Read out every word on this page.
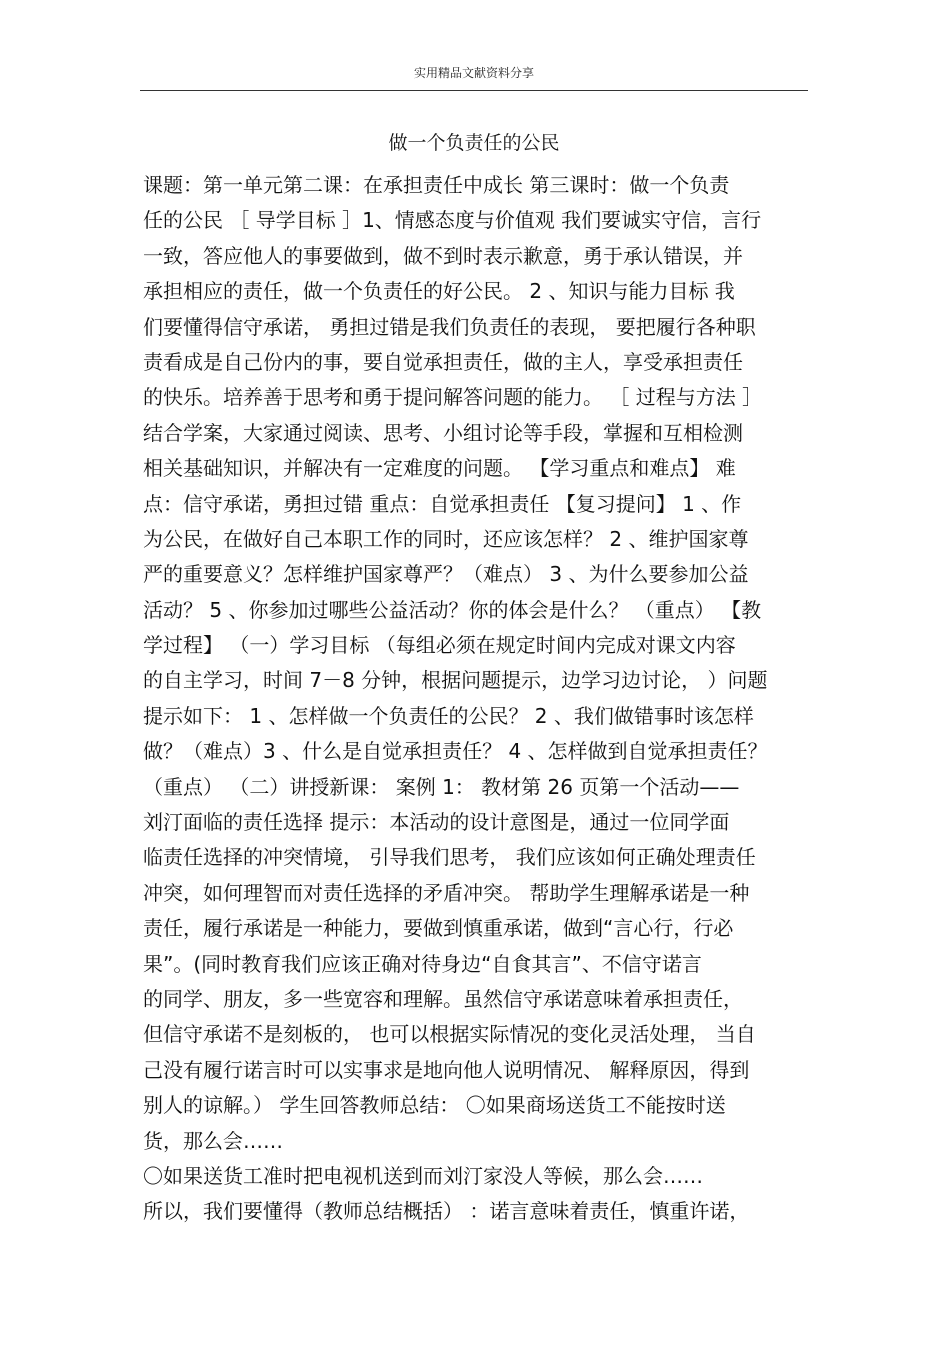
实用精品文献资料分享
做一个负责任的公民
课题：第一单元第二课：在承担责任中成长 第三课时：做一个负责
任的公民 ［ 导学目标 ］1、情感态度与价值观 我们要诚实守信，言行
一致，答应他人的事要做到，做不到时表示歉意，勇于承认错误，并
承担相应的责任，做一个负责任的好公民。 2 、知识与能力目标 我
们要懂得信守承诺， 勇担过错是我们负责任的表现， 要把履行各种职
责看成是自己份内的事，要自觉承担责任，做的主人，享受承担责任
的快乐。培养善于思考和勇于提问解答问题的能力。 ［ 过程与方法 ］
结合学案，大家通过阅读、思考、小组讨论等手段，掌握和互相检测
相关基础知识，并解决有一定难度的问题。 【学习重点和难点】 难
点：信守承诺，勇担过错 重点：自觉承担责任 【复习提问】 1 、作
为公民，在做好自己本职工作的同时，还应该怎样？ 2 、维护国家尊
严的重要意义？怎样维护国家尊严？（难点） 3 、为什么要参加公益
活动？ 5 、你参加过哪些公益活动？你的体会是什么？ （重点） 【教
学过程】 （一）学习目标 （每组必须在规定时间内完成对课文内容
的自主学习，时间 7－8 分钟，根据问题提示，边学习边讨论， ）问题
提示如下： 1 、怎样做一个负责任的公民？ 2 、我们做错事时该怎样
做？（难点）3 、什么是自觉承担责任？ 4 、怎样做到自觉承担责任？
（重点） （二）讲授新课： 案例 1： 教材第 26 页第一个活动——
刘汀面临的责任选择 提示：本活动的设计意图是，通过一位同学面
临责任选择的冲突情境， 引导我们思考， 我们应该如何正确处理责任
冲突，如何理智而对责任选择的矛盾冲突。 帮助学生理解承诺是一种
责任，履行承诺是一种能力，要做到慎重承诺，做到“言心行，行必
果”。(同时教育我们应该正确对待身边“自食其言”、不信守诺言
的同学、朋友，多一些宽容和理解。虽然信守承诺意味着承担责任，
但信守承诺不是刻板的， 也可以根据实际情况的变化灵活处理， 当自
己没有履行诺言时可以实事求是地向他人说明情况、 解释原因，得到
别人的谅解。） 学生回答教师总结： 〇如果商场送货工不能按时送
货，那么会……
〇如果送货工准时把电视机送到而刘汀家没人等候，那么会……
所以，我们要懂得（教师总结概括） ：诺言意味着责任，慎重许诺，
